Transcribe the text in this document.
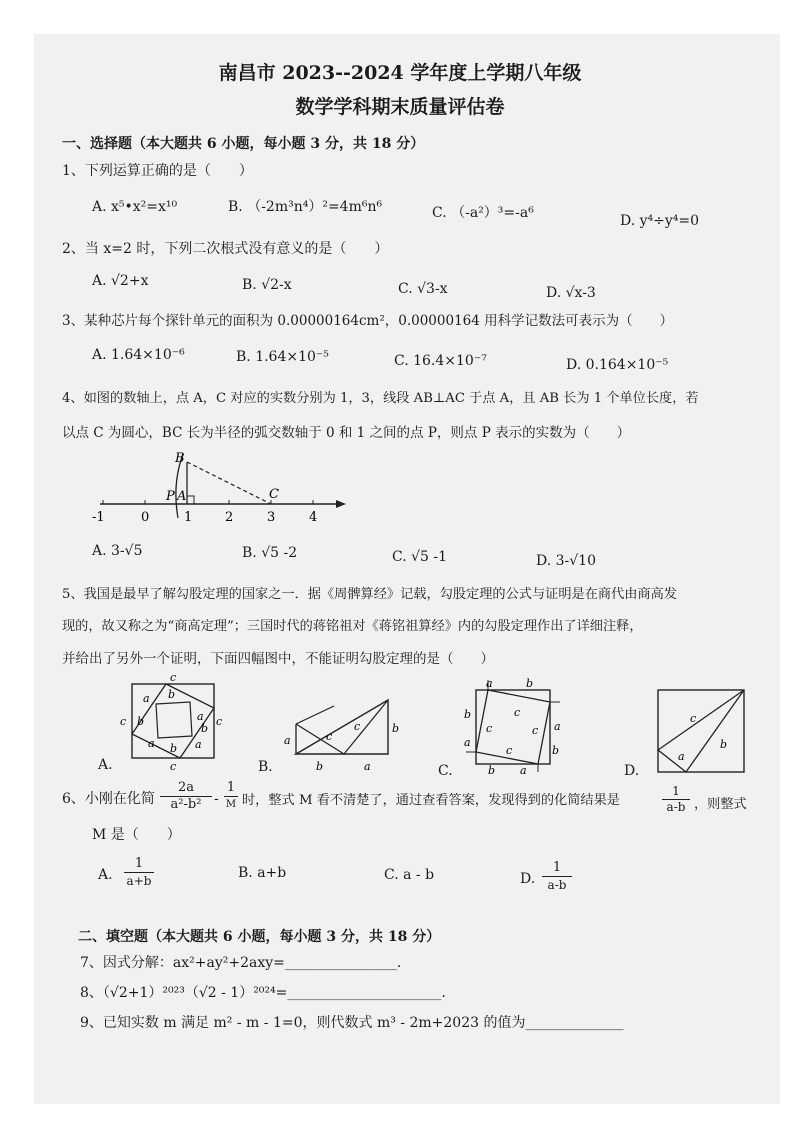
南昌市 2023--2024 学年度上学期八年级
数学学科期末质量评估卷
一、选择题（本大题共 6 小题，每小题 3 分，共 18 分）
1、下列运算正确的是（　　）
A. x⁵•x²=x¹⁰	B. （-2m³n⁴）²=4m⁶n⁶	C. （-a²）³=-a⁶	D. y⁴÷y⁴=0
2、当 x=2 时，下列二次根式没有意义的是（　　）
A. √2+x	B. √2-x	C. √3-x	D. √x-3
3、某种芯片每个探针单元的面积为 0.00000164cm²，0.00000164 用科学记数法可表示为（　　）
A. 1.64×10⁻⁶	B. 1.64×10⁻⁵	C. 16.4×10⁻⁷	D. 0.164×10⁻⁵
4、如图的数轴上，点 A，C 对应的实数分别为 1，3，线段 AB⊥AC 于点 A，且 AB 长为 1 个单位长度，若
以点 C 为圆心，BC 长为半径的弧交数轴于 0 和 1 之间的点 P，则点 P 表示的实数为（　　）
-1	0	1	2	3	4
B
P A	C
A. 3-√5	B. √5 -2	C. √5 -1	D. 3-√10
5、我国是最早了解勾股定理的国家之一．据《周髀算经》记载，勾股定理的公式与证明是在商代由商高发
现的，故又称之为“商高定理”；三国时代的蒋铭祖对《蒋铭祖算经》内的勾股定理作出了详细注释，
并给出了另外一个证明，下面四幅图中，不能证明勾股定理的是（　　）
c
a b
c b	a
b
c
a b a
c
A.
a	c
c	b
b	a
B.
a	b
b	c
c	c a
c
a
b
b a
C.
c
a
b
D.
6、小刚在化简 $\frac{2a}{\text{a²-b²}}$ -
1
M 时，整式 M 看不清楚了，通过查看答案，发现得到的化简结果是	$\frac{1}{a-b}$ ，则整式
M 是（　　）
A. $\frac{1}{a+b}$	B. a+b	C. a - b	D. $\frac{1}{a-b}$
二、填空题（本大题共 6 小题，每小题 3 分，共 18 分）
7、因式分解：ax²+ay²+2axy=________________.
8、（√2+1）²⁰²³（√2 - 1）²⁰²⁴=______________________.
9、已知实数 m 满足 m² - m - 1=0，则代数式 m³ - 2m+2023 的值为______________
